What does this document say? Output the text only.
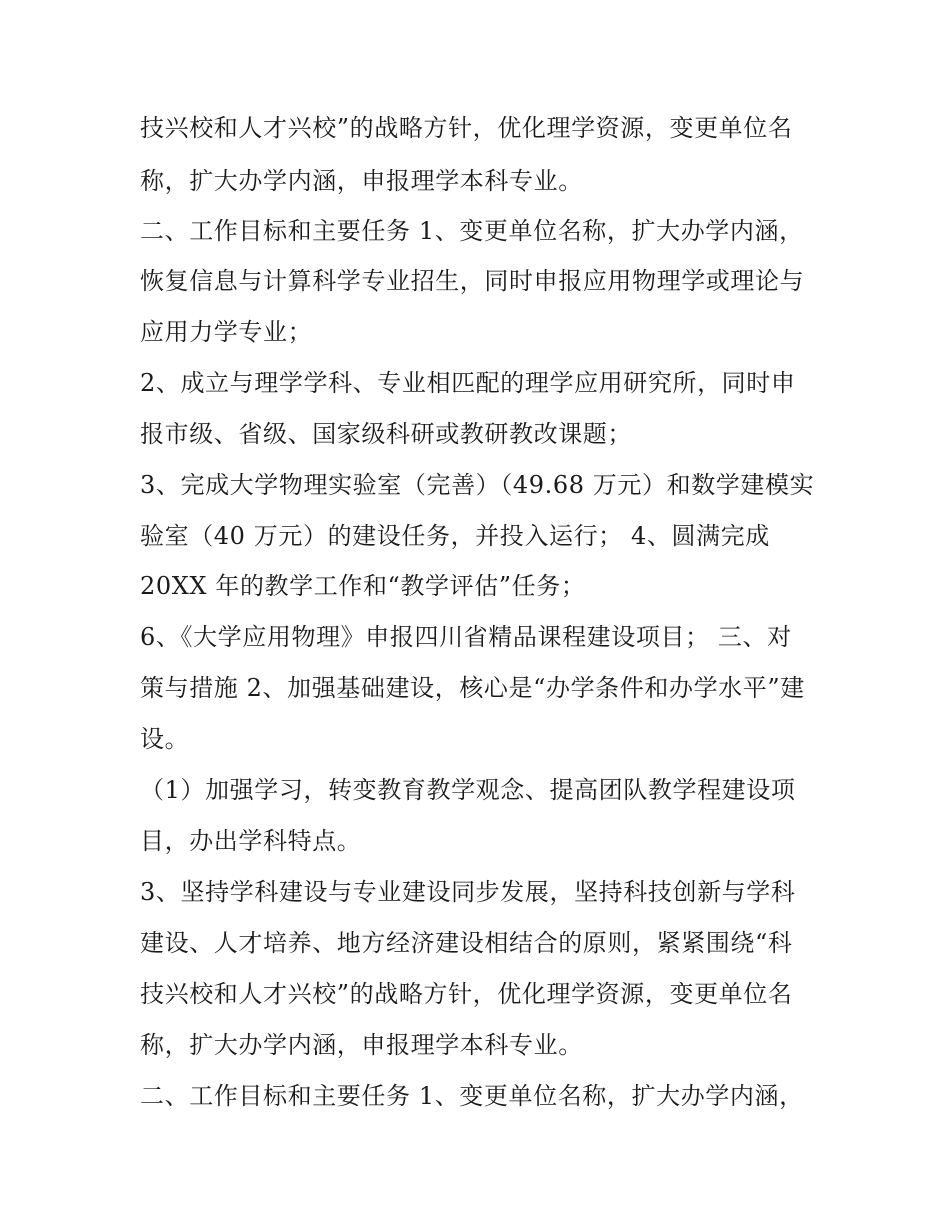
技兴校和人才兴校”的战略方针，优化理学资源，变更单位名

称，扩大办学内涵，申报理学本科专业。

二、工作目标和主要任务 1、变更单位名称，扩大办学内涵，

恢复信息与计算科学专业招生，同时申报应用物理学或理论与

应用力学专业；

2、成立与理学学科、专业相匹配的理学应用研究所，同时申

报市级、省级、国家级科研或教研教改课题；

3、完成大学物理实验室（完善）（49.68 万元）和数学建模实

验室（40 万元）的建设任务，并投入运行； 4、圆满完成

20XX 年的教学工作和“教学评估”任务；

6、《大学应用物理》申报四川省精品课程建设项目； 三、对

策与措施 2、加强基础建设，核心是“办学条件和办学水平”建

设。

（1）加强学习，转变教育教学观念、提高团队教学程建设项

目，办出学科特点。

3、坚持学科建设与专业建设同步发展，坚持科技创新与学科

建设、人才培养、地方经济建设相结合的原则，紧紧围绕“科

技兴校和人才兴校”的战略方针，优化理学资源，变更单位名

称，扩大办学内涵，申报理学本科专业。

二、工作目标和主要任务 1、变更单位名称，扩大办学内涵，
